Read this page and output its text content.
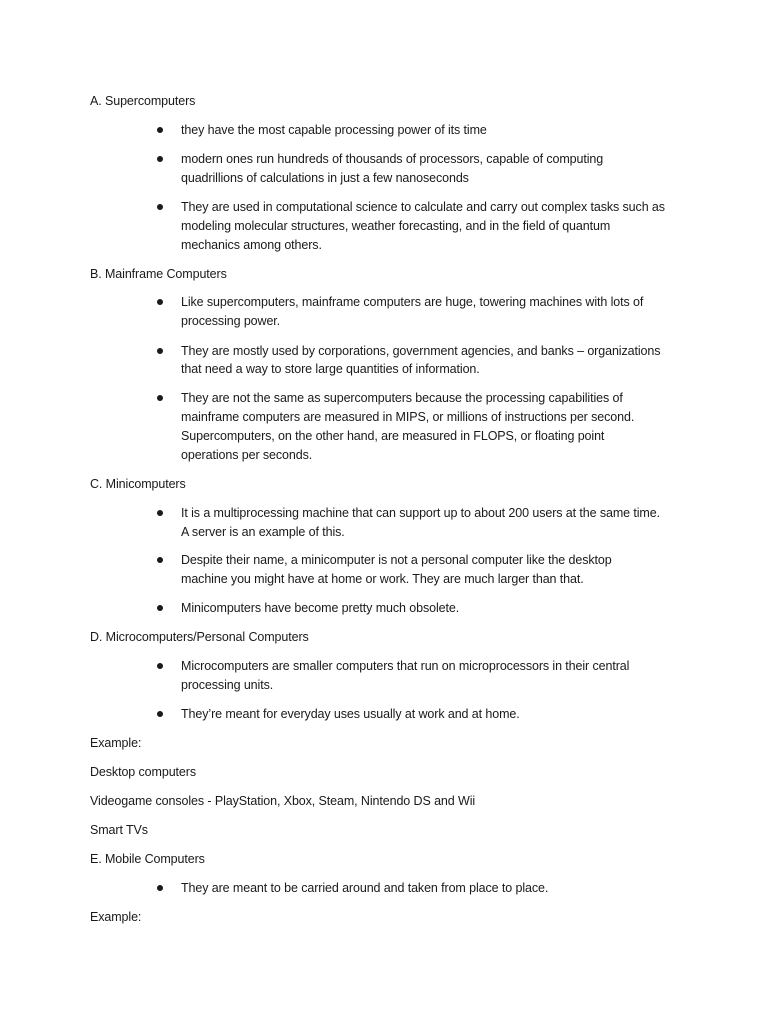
A. Supercomputers
they have the most capable processing power of its time
modern ones run hundreds of thousands of processors, capable of computing
quadrillions of calculations in just a few nanoseconds
They are used in computational science to calculate and carry out complex tasks such as
modeling molecular structures, weather forecasting, and in the field of quantum
mechanics among others.
B. Mainframe Computers
Like supercomputers, mainframe computers are huge, towering machines with lots of
processing power.
They are mostly used by corporations, government agencies, and banks – organizations
that need a way to store large quantities of information.
They are not the same as supercomputers because the processing capabilities of
mainframe computers are measured in MIPS, or millions of instructions per second.
Supercomputers, on the other hand, are measured in FLOPS, or floating point
operations per seconds.
C. Minicomputers
It is a multiprocessing machine that can support up to about 200 users at the same time.
A server is an example of this.
Despite their name, a minicomputer is not a personal computer like the desktop
machine you might have at home or work. They are much larger than that.
Minicomputers have become pretty much obsolete.
D. Microcomputers/Personal Computers
Microcomputers are smaller computers that run on microprocessors in their central
processing units.
They’re meant for everyday uses usually at work and at home.
Example:
Desktop computers
Videogame consoles - PlayStation, Xbox, Steam, Nintendo DS and Wii
Smart TVs
E. Mobile Computers
They are meant to be carried around and taken from place to place.
Example:
